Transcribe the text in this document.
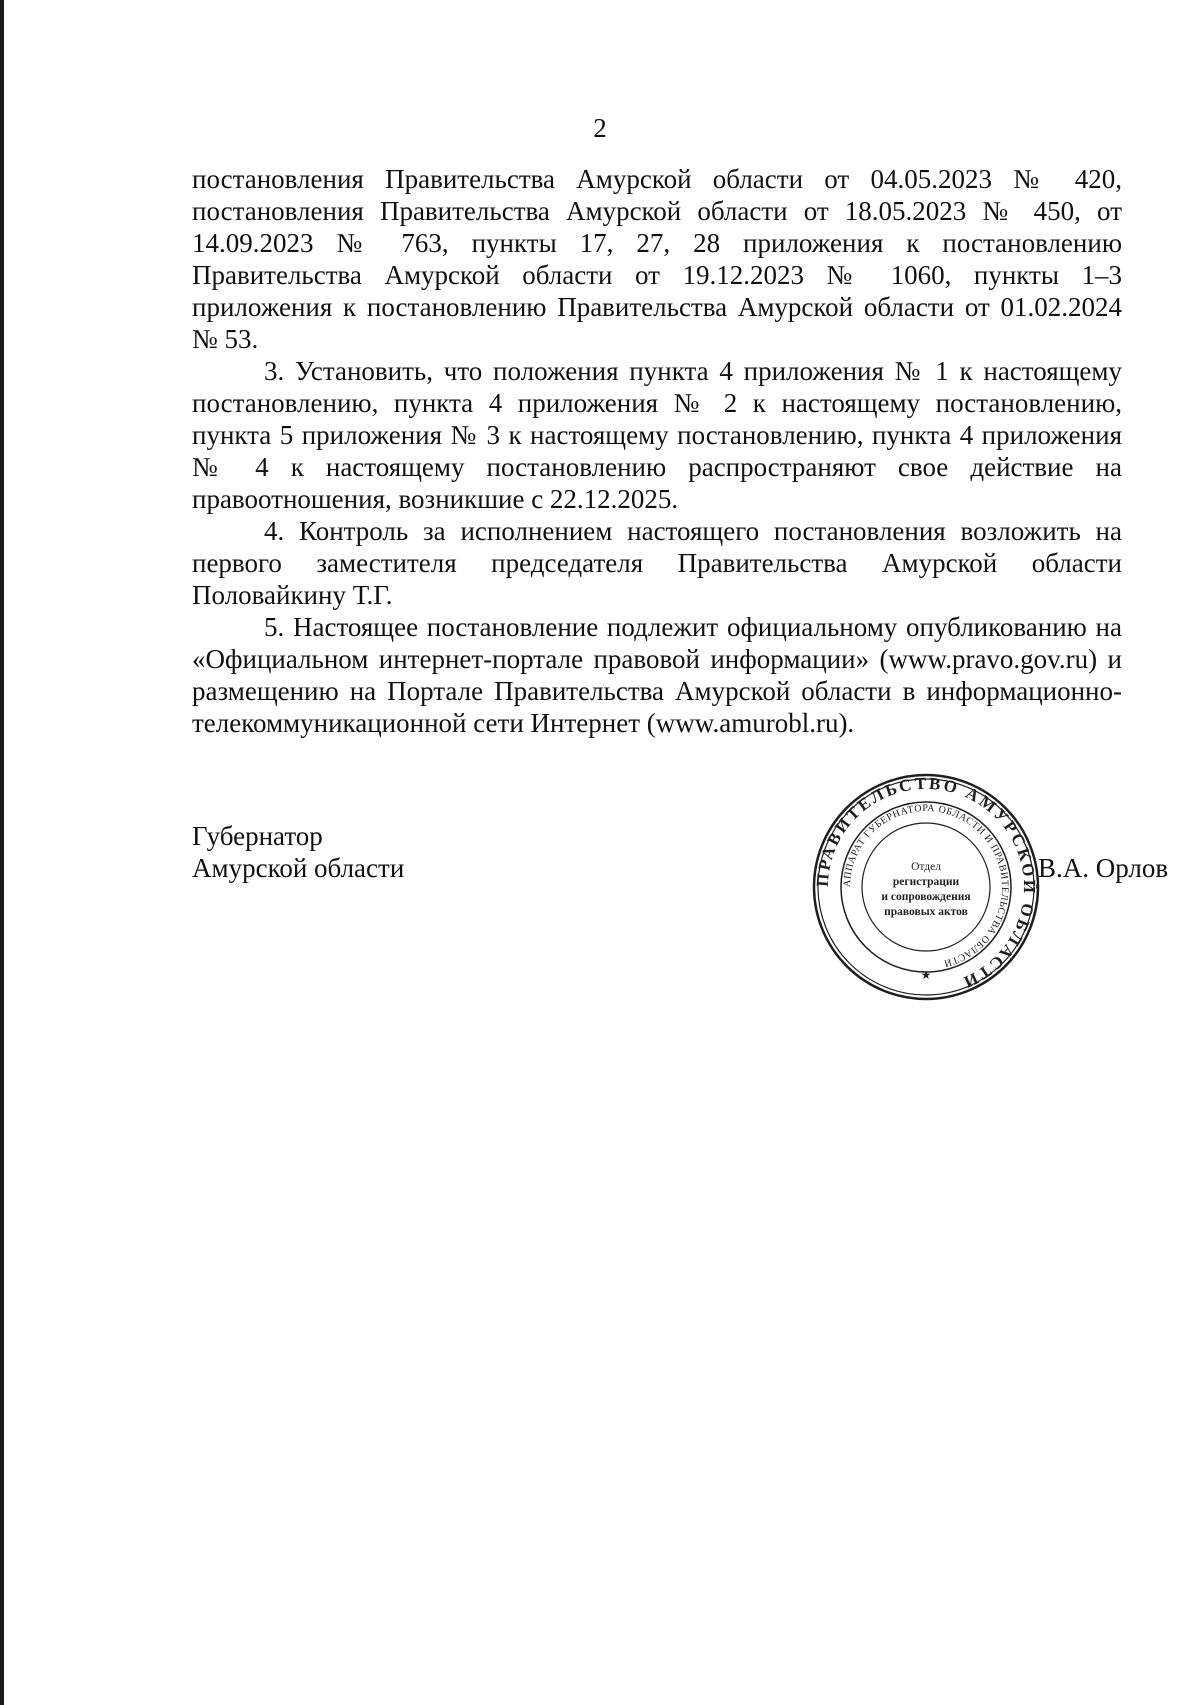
2

постановления Правительства Амурской области от 04.05.2023 № 420, постановления Правительства Амурской области от 18.05.2023 № 450, от 14.09.2023 № 763, пункты 17, 27, 28 приложения к постановлению Правительства Амурской области от 19.12.2023 № 1060, пункты 1–3 приложения к постановлению Правительства Амурской области от 01.02.2024 № 53.

3. Установить, что положения пункта 4 приложения № 1 к настоящему постановлению, пункта 4 приложения № 2 к настоящему постановлению, пункта 5 приложения № 3 к настоящему постановлению, пункта 4 приложения № 4 к настоящему постановлению распространяют свое действие на правоотношения, возникшие с 22.12.2025.

4. Контроль за исполнением настоящего постановления возложить на первого заместителя председателя Правительства Амурской области Половайкину Т.Г.

5. Настоящее постановление подлежит официальному опубликованию на «Официальном интернет-портале правовой информации» (www.pravo.gov.ru) и размещению на Портале Правительства Амурской области в информационно-телекоммуникационной сети Интернет (www.amurobl.ru).

Губернатор
Амурской области	В.А. Орлов
ПРАВИТЕЛЬСТВО АМУРСКОЙ ОБЛАСТИ
АППАРАТ ГУБЕРНАТОРА ОБЛАСТИ И ПРАВИТЕЛЬСТВА ОБЛАСТИ
Отдел
регистрации
и сопровождения
правовых актов
★
